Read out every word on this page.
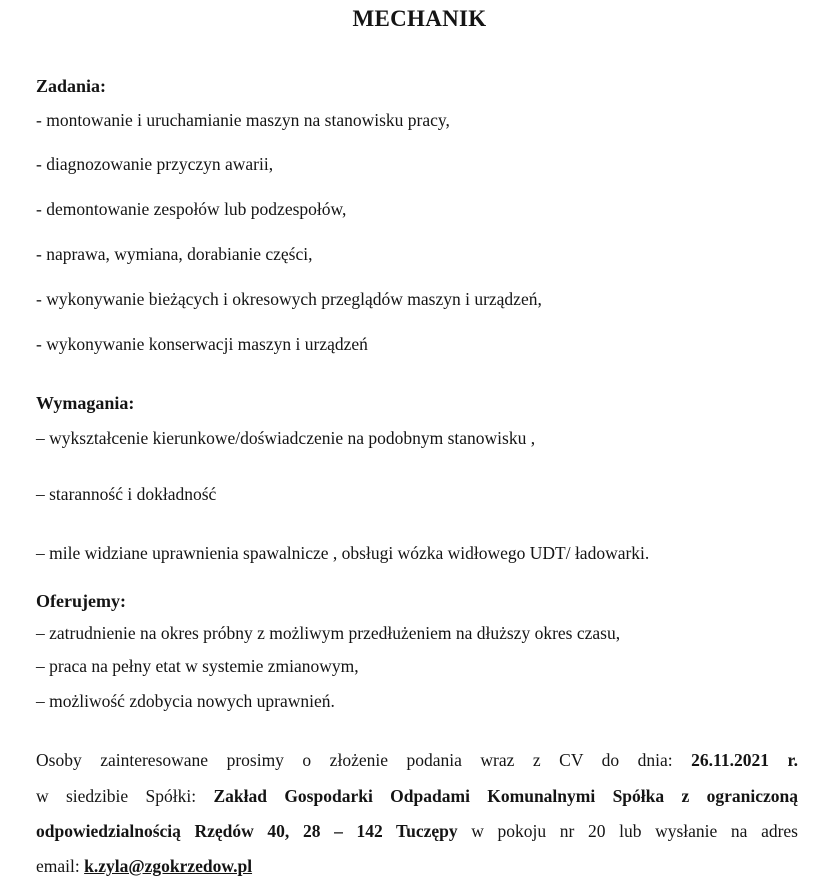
MECHANIK
Zadania:
- montowanie i uruchamianie maszyn na stanowisku pracy,
- diagnozowanie przyczyn awarii,
- demontowanie zespołów lub podzespołów,
- naprawa, wymiana, dorabianie części,
- wykonywanie bieżących i okresowych przeglądów maszyn i urządzeń,
- wykonywanie konserwacji maszyn i urządzeń
Wymagania:
– wykształcenie kierunkowe/doświadczenie na podobnym stanowisku ,
– staranność i dokładność
– mile widziane uprawnienia spawalnicze , obsługi wózka widłowego UDT/ ładowarki.
Oferujemy:
– zatrudnienie na okres próbny z możliwym przedłużeniem na dłuższy okres czasu,
– praca na pełny etat w systemie zmianowym,
– możliwość zdobycia nowych uprawnień.
Osoby zainteresowane prosimy o złożenie podania wraz z CV do dnia: 26.11.2021 r.
w siedzibie Spółki: Zakład Gospodarki Odpadami Komunalnymi Spółka z ograniczoną
odpowiedzialnością Rzędów 40, 28 – 142 Tuczępy w pokoju nr 20 lub wysłanie na adres
email: k.zyla@zgokrzedow.pl
